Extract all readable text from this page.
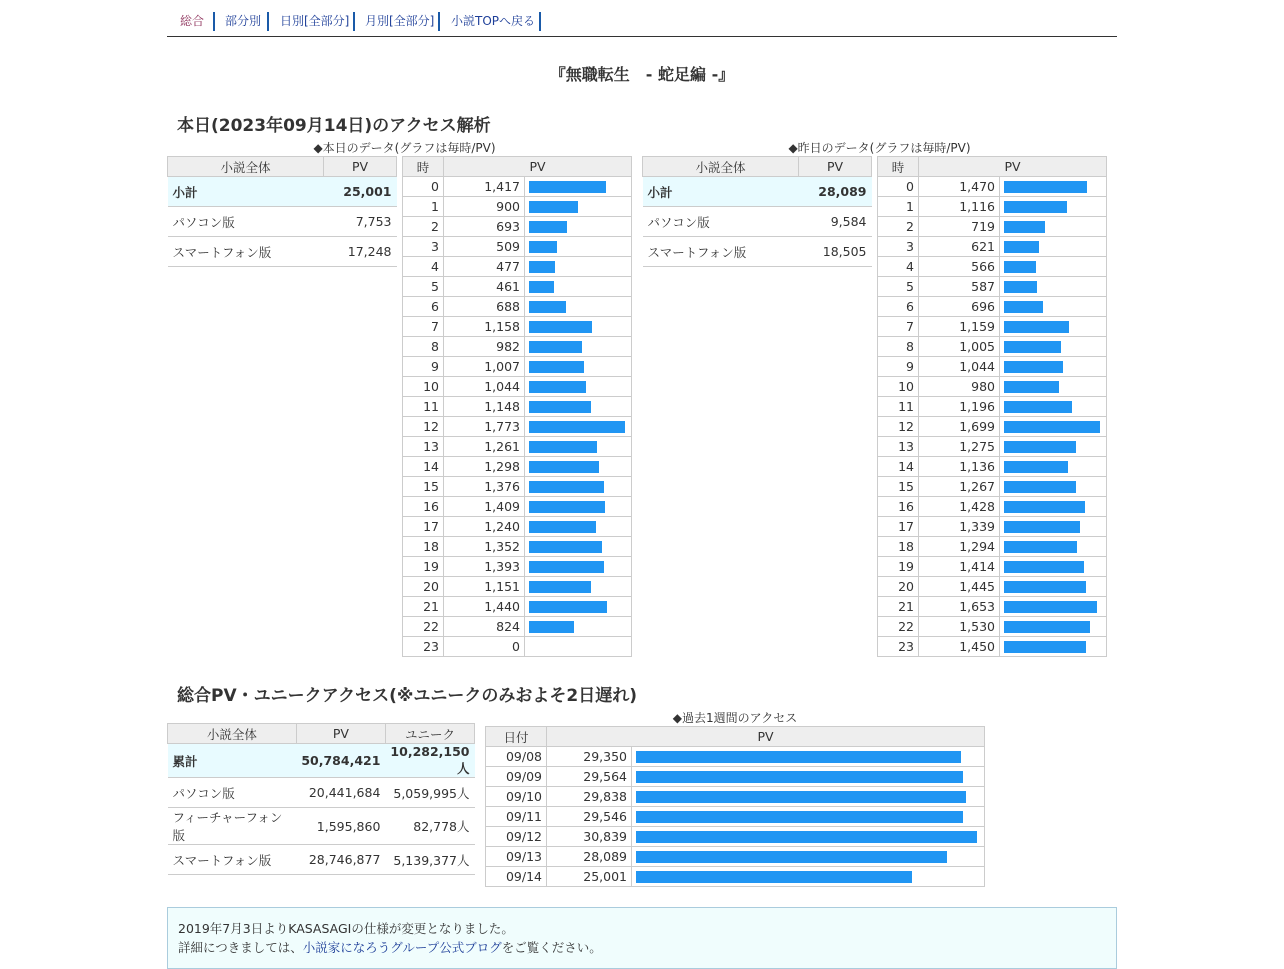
総合	部分別	日別[全部分]	月別[全部分]	小説TOPへ戻る
『無職転生　- 蛇足編 -』
本日(2023年09月14日)のアクセス解析
◆本日のデータ(グラフは毎時/PV)
小説全体	PV
小計	25,001
パソコン版	7,753
スマートフォン版	17,248
時	PV	
0	1,417	

1	900	

2	693	

3	509	

4	477	

5	461	

6	688	

7	1,158	

8	982	

9	1,007	

10	1,044	

11	1,148	

12	1,773	

13	1,261	

14	1,298	

15	1,376	

16	1,409	

17	1,240	

18	1,352	

19	1,393	

20	1,151	

21	1,440	

22	824	

23	0	
◆昨日のデータ(グラフは毎時/PV)
小説全体	PV
小計	28,089
パソコン版	9,584
スマートフォン版	18,505
時	PV	
0	1,470	

1	1,116	

2	719	

3	621	

4	566	

5	587	

6	696	

7	1,159	

8	1,005	

9	1,044	

10	980	

11	1,196	

12	1,699	

13	1,275	

14	1,136	

15	1,267	

16	1,428	

17	1,339	

18	1,294	

19	1,414	

20	1,445	

21	1,653	

22	1,530	

23	1,450	
総合PV・ユニークアクセス(※ユニークのみおよそ2日遅れ)
小説全体	PV	ユニーク
累計	50,784,421	10,282,150人
パソコン版	20,441,684	5,059,995人
フィーチャーフォン版	1,595,860	82,778人
スマートフォン版	28,746,877	5,139,377人
◆過去1週間のアクセス
日付	PV	
09/08	29,350	

09/09	29,564	

09/10	29,838	

09/11	29,546	

09/12	30,839	

09/13	28,089	

09/14	25,001	

2019年7月3日よりKASASAGIの仕様が変更となりました。

詳細につきましては、小説家になろうグループ公式ブログをご覧ください。
